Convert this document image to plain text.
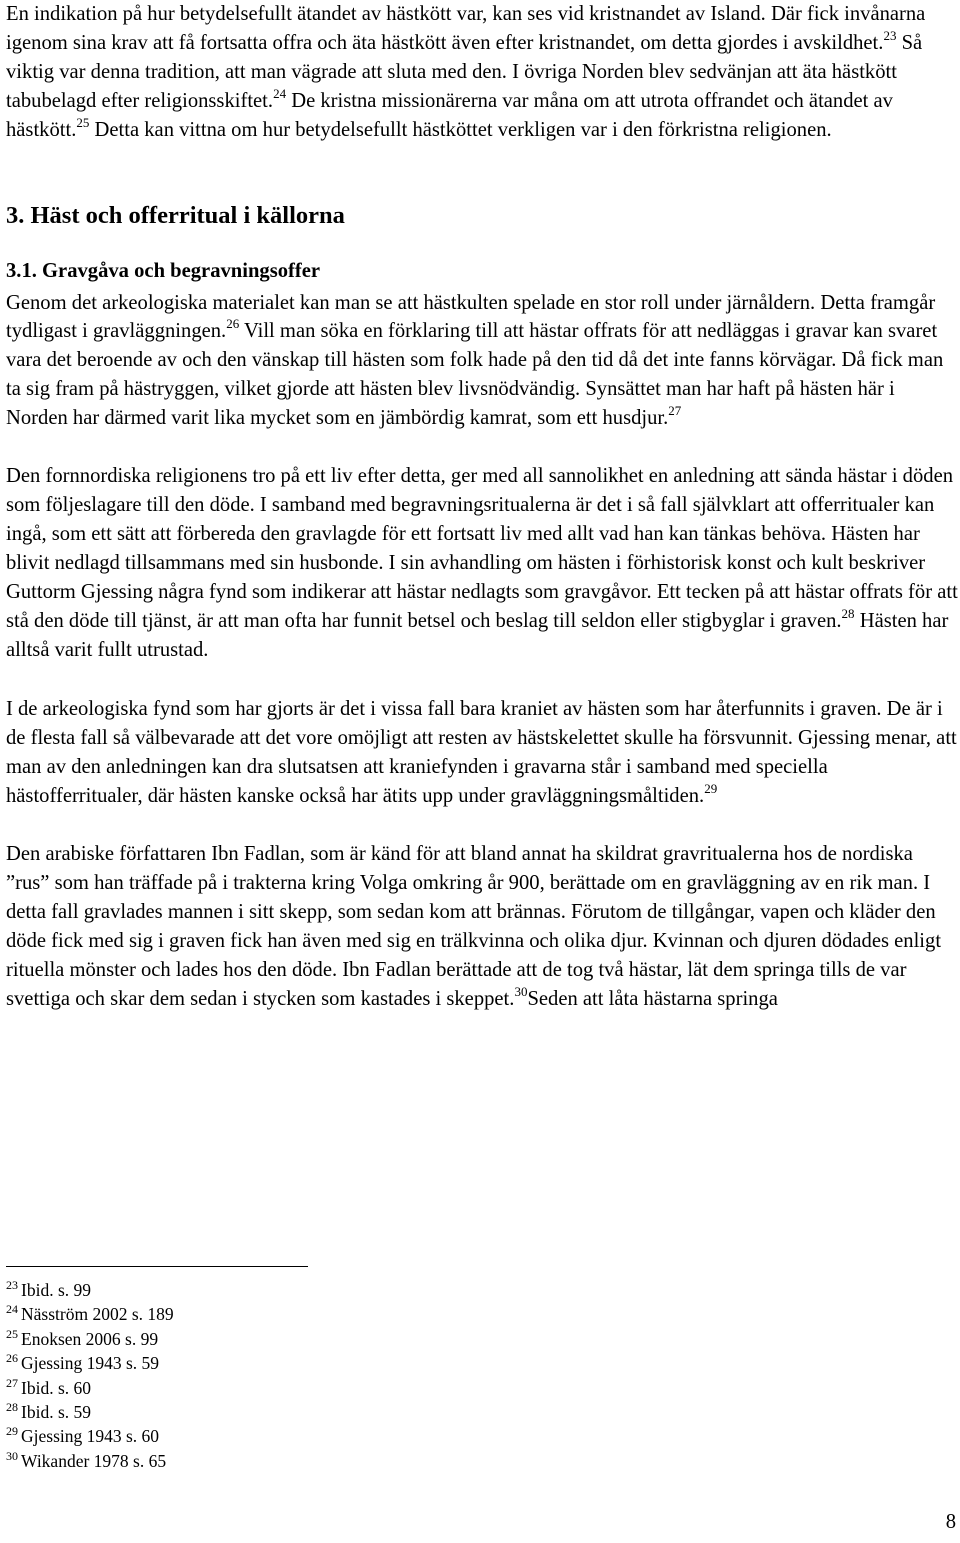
En indikation på hur betydelsefullt ätandet av hästkött var, kan ses vid kristnandet av Island. Där fick invånarna igenom sina krav att få fortsatta offra och äta hästkött även efter kristnandet, om detta gjordes i avskildhet.$^{23}$ Så viktig var denna tradition, att man vägrade att sluta med den. I övriga Norden blev sedvänjan att äta hästkött tabubelagd efter religionsskiftet.$^{24}$ De kristna missionärerna var måna om att utrota offrandet och ätandet av hästkött.$^{25}$ Detta kan vittna om hur betydelsefullt hästköttet verkligen var i den förkristna religionen.

3. Häst och offerritual i källorna

3.1. Gravgåva och begravningsoffer

Genom det arkeologiska materialet kan man se att hästkulten spelade en stor roll under järnåldern. Detta framgår tydligast i gravläggningen.$^{26}$ Vill man söka en förklaring till att hästar offrats för att nedläggas i gravar kan svaret vara det beroende av och den vänskap till hästen som folk hade på den tid då det inte fanns körvägar. Då fick man ta sig fram på hästryggen, vilket gjorde att hästen blev livsnödvändig. Synsättet man har haft på hästen här i Norden har därmed varit lika mycket som en jämbördig kamrat, som ett husdjur.$^{27}$

Den fornnordiska religionens tro på ett liv efter detta, ger med all sannolikhet en anledning att sända hästar i döden som följeslagare till den döde. I samband med begravningsritualerna är det i så fall självklart att offerritualer kan ingå, som ett sätt att förbereda den gravlagde för ett fortsatt liv med allt vad han kan tänkas behöva. Hästen har blivit nedlagd tillsammans med sin husbonde. I sin avhandling om hästen i förhistorisk konst och kult beskriver Guttorm Gjessing några fynd som indikerar att hästar nedlagts som gravgåvor. Ett tecken på att hästar offrats för att stå den döde till tjänst, är att man ofta har funnit betsel och beslag till seldon eller stigbyglar i graven.$^{28}$ Hästen har alltså varit fullt utrustad.

I de arkeologiska fynd som har gjorts är det i vissa fall bara kraniet av hästen som har återfunnits i graven. De är i de flesta fall så välbevarade att det vore omöjligt att resten av hästskelettet skulle ha försvunnit. Gjessing menar, att man av den anledningen kan dra slutsatsen att kraniefynden i gravarna står i samband med speciella hästofferritualer, där hästen kanske också har ätits upp under gravläggningsmåltiden.$^{29}$

Den arabiske författaren Ibn Fadlan, som är känd för att bland annat ha skildrat gravritualerna hos de nordiska ”rus” som han träffade på i trakterna kring Volga omkring år 900, berättade om en gravläggning av en rik man. I detta fall gravlades mannen i sitt skepp, som sedan kom att brännas. Förutom de tillgångar, vapen och kläder den döde fick med sig i graven fick han även med sig en trälkvinna och olika djur. Kvinnan och djuren dödades enligt rituella mönster och lades hos den döde. Ibn Fadlan berättade att de tog två hästar, lät dem springa tills de var svettiga och skar dem sedan i stycken som kastades i skeppet.$^{30}$Seden att låta hästarna springa

$^{23}$ Ibid. s. 99
$^{24}$ Näsström 2002 s. 189
$^{25}$ Enoksen 2006 s. 99
$^{26}$ Gjessing 1943 s. 59
$^{27}$ Ibid. s. 60
$^{28}$ Ibid. s. 59
$^{29}$ Gjessing 1943 s. 60
$^{30}$ Wikander 1978 s. 65
8
